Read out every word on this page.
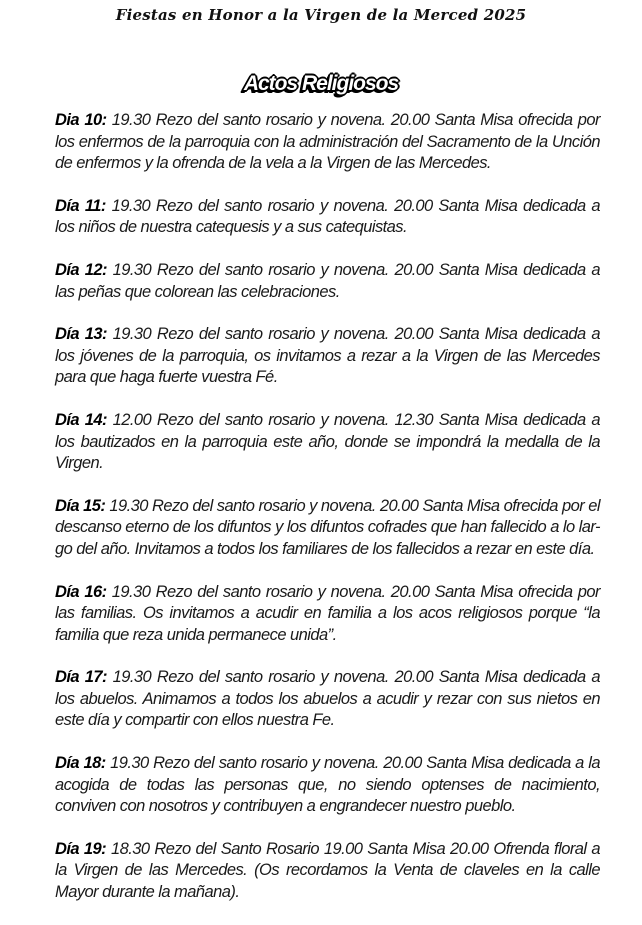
Fiestas en Honor a la Virgen de la Merced 2025
Actos Religiosos

Dia 10: 19.30 Rezo del santo rosario y novena. 20.00 Santa Misa ofrecida por los enfermos de la parroquia con la administración del Sacramento de la Unción de enfermos y la ofrenda de la vela a la Virgen de las Mercedes.

Día 11: 19.30 Rezo del santo rosario y novena. 20.00 Santa Misa dedicada a los niños de nuestra catequesis y a sus catequistas.

Día 12: 19.30 Rezo del santo rosario y novena. 20.00 Santa Misa dedicada a las peñas que colorean las celebraciones.

Día 13: 19.30 Rezo del santo rosario y novena. 20.00 Santa Misa dedicada a los jóvenes de la parroquia, os invitamos a rezar a la Virgen de las Mercedes para que haga fuerte vuestra Fé.

Día 14: 12.00 Rezo del santo rosario y novena. 12.30 Santa Misa dedicada a los bautizados en la parroquia este año, donde se impondrá la medalla de la Virgen.

Día 15: 19.30 Rezo del santo rosario y novena. 20.00 Santa Misa ofrecida por el descanso eterno de los difuntos y los difuntos cofrades que han fallecido a lo lar-go del año. Invitamos a todos los familiares de los fallecidos a rezar en este día.

Día 16: 19.30 Rezo del santo rosario y novena. 20.00 Santa Misa ofrecida por las familias. Os invitamos a acudir en familia a los acos religiosos porque “la familia que reza unida permanece unida”.

Día 17: 19.30 Rezo del santo rosario y novena. 20.00 Santa Misa dedicada a los abuelos. Animamos a todos los abuelos a acudir y rezar con sus nietos en este día y compartir con ellos nuestra Fe.

Día 18: 19.30 Rezo del santo rosario y novena. 20.00 Santa Misa dedicada a la acogida de todas las personas que, no siendo optenses de nacimiento, conviven con nosotros y contribuyen a engrandecer nuestro pueblo.

Día 19: 18.30 Rezo del Santo Rosario 19.00 Santa Misa 20.00 Ofrenda floral a la Virgen de las Mercedes. (Os recordamos la Venta de claveles en la calle Mayor durante la mañana).
